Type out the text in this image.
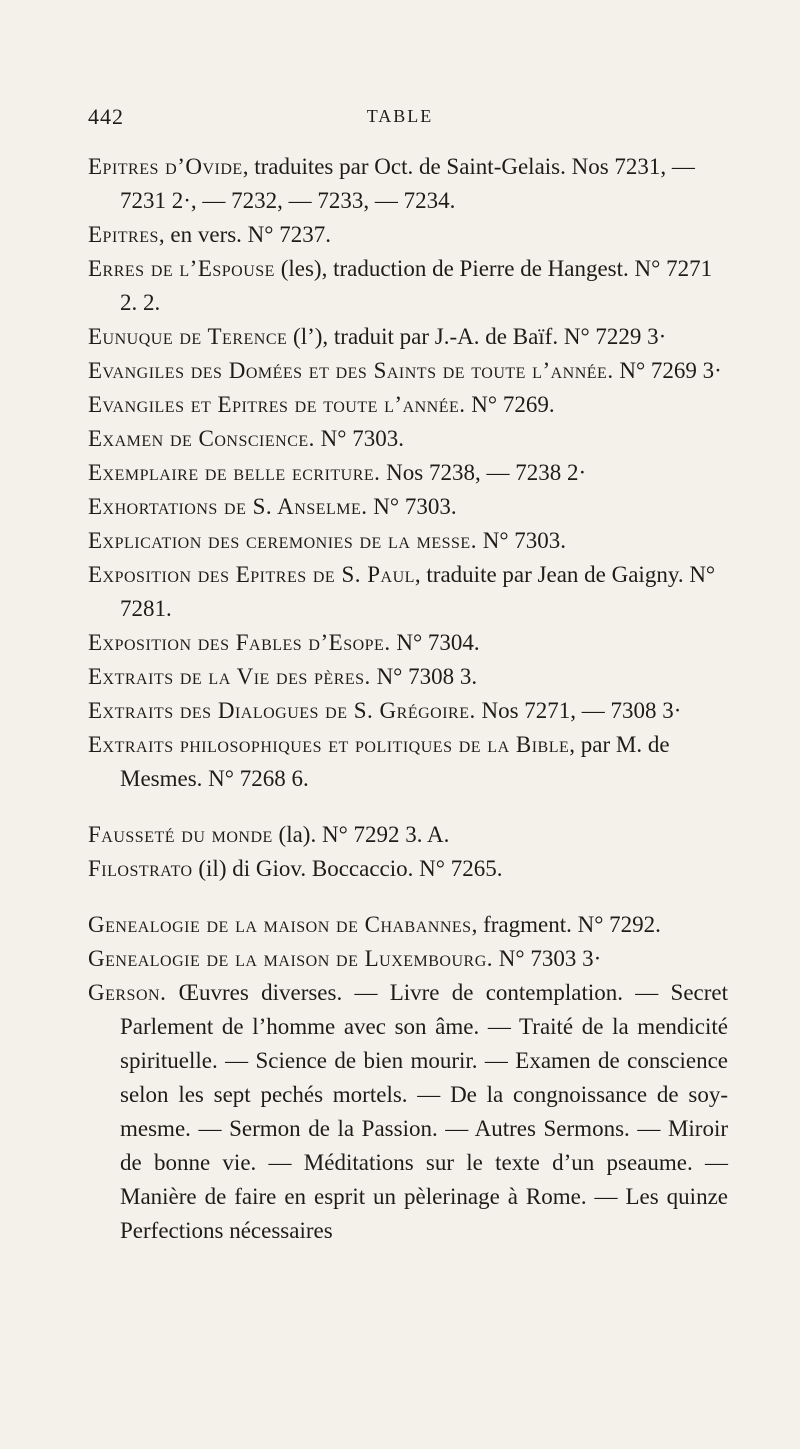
442	TABLE

Epitres d’Ovide, traduites par Oct. de Saint-Gelais. Nos 7231, — 7231 2·, — 7232, — 7233, — 7234.

Epitres, en vers. N° 7237.

Erres de l’Espouse (les), traduction de Pierre de Hangest. N° 7271 2. 2.

Eunuque de Terence (l’), traduit par J.-A. de Baïf. N° 7229 3·

Evangiles des Domées et des Saints de toute l’année. N° 7269 3·

Evangiles et Epitres de toute l’année. N° 7269.

Examen de Conscience. N° 7303.

Exemplaire de belle ecriture. Nos 7238, — 7238 2·

Exhortations de S. Anselme. N° 7303.

Explication des ceremonies de la messe. N° 7303.

Exposition des Epitres de S. Paul, traduite par Jean de Gaigny. N° 7281.

Exposition des Fables d’Esope. N° 7304.

Extraits de la Vie des pères. N° 7308 3.

Extraits des Dialogues de S. Grégoire. Nos 7271, — 7308 3·

Extraits philosophiques et politiques de la Bible, par M. de Mesmes. N° 7268 6.

Fausseté du monde (la). N° 7292 3. A.

Filostrato (il) di Giov. Boccaccio. N° 7265.

Genealogie de la maison de Chabannes, fragment. N° 7292.

Genealogie de la maison de Luxembourg. N° 7303 3·

Gerson. Œuvres diverses. — Livre de contemplation. — Secret Parlement de l’homme avec son âme. — Traité de la mendicité spirituelle. — Science de bien mourir. — Examen de conscience selon les sept pechés mortels. — De la congnoissance de soy-mesme. — Sermon de la Passion. — Autres Sermons. — Miroir de bonne vie. — Méditations sur le texte d’un pseaume. — Manière de faire en esprit un pèlerinage à Rome. — Les quinze Perfections nécessaires
